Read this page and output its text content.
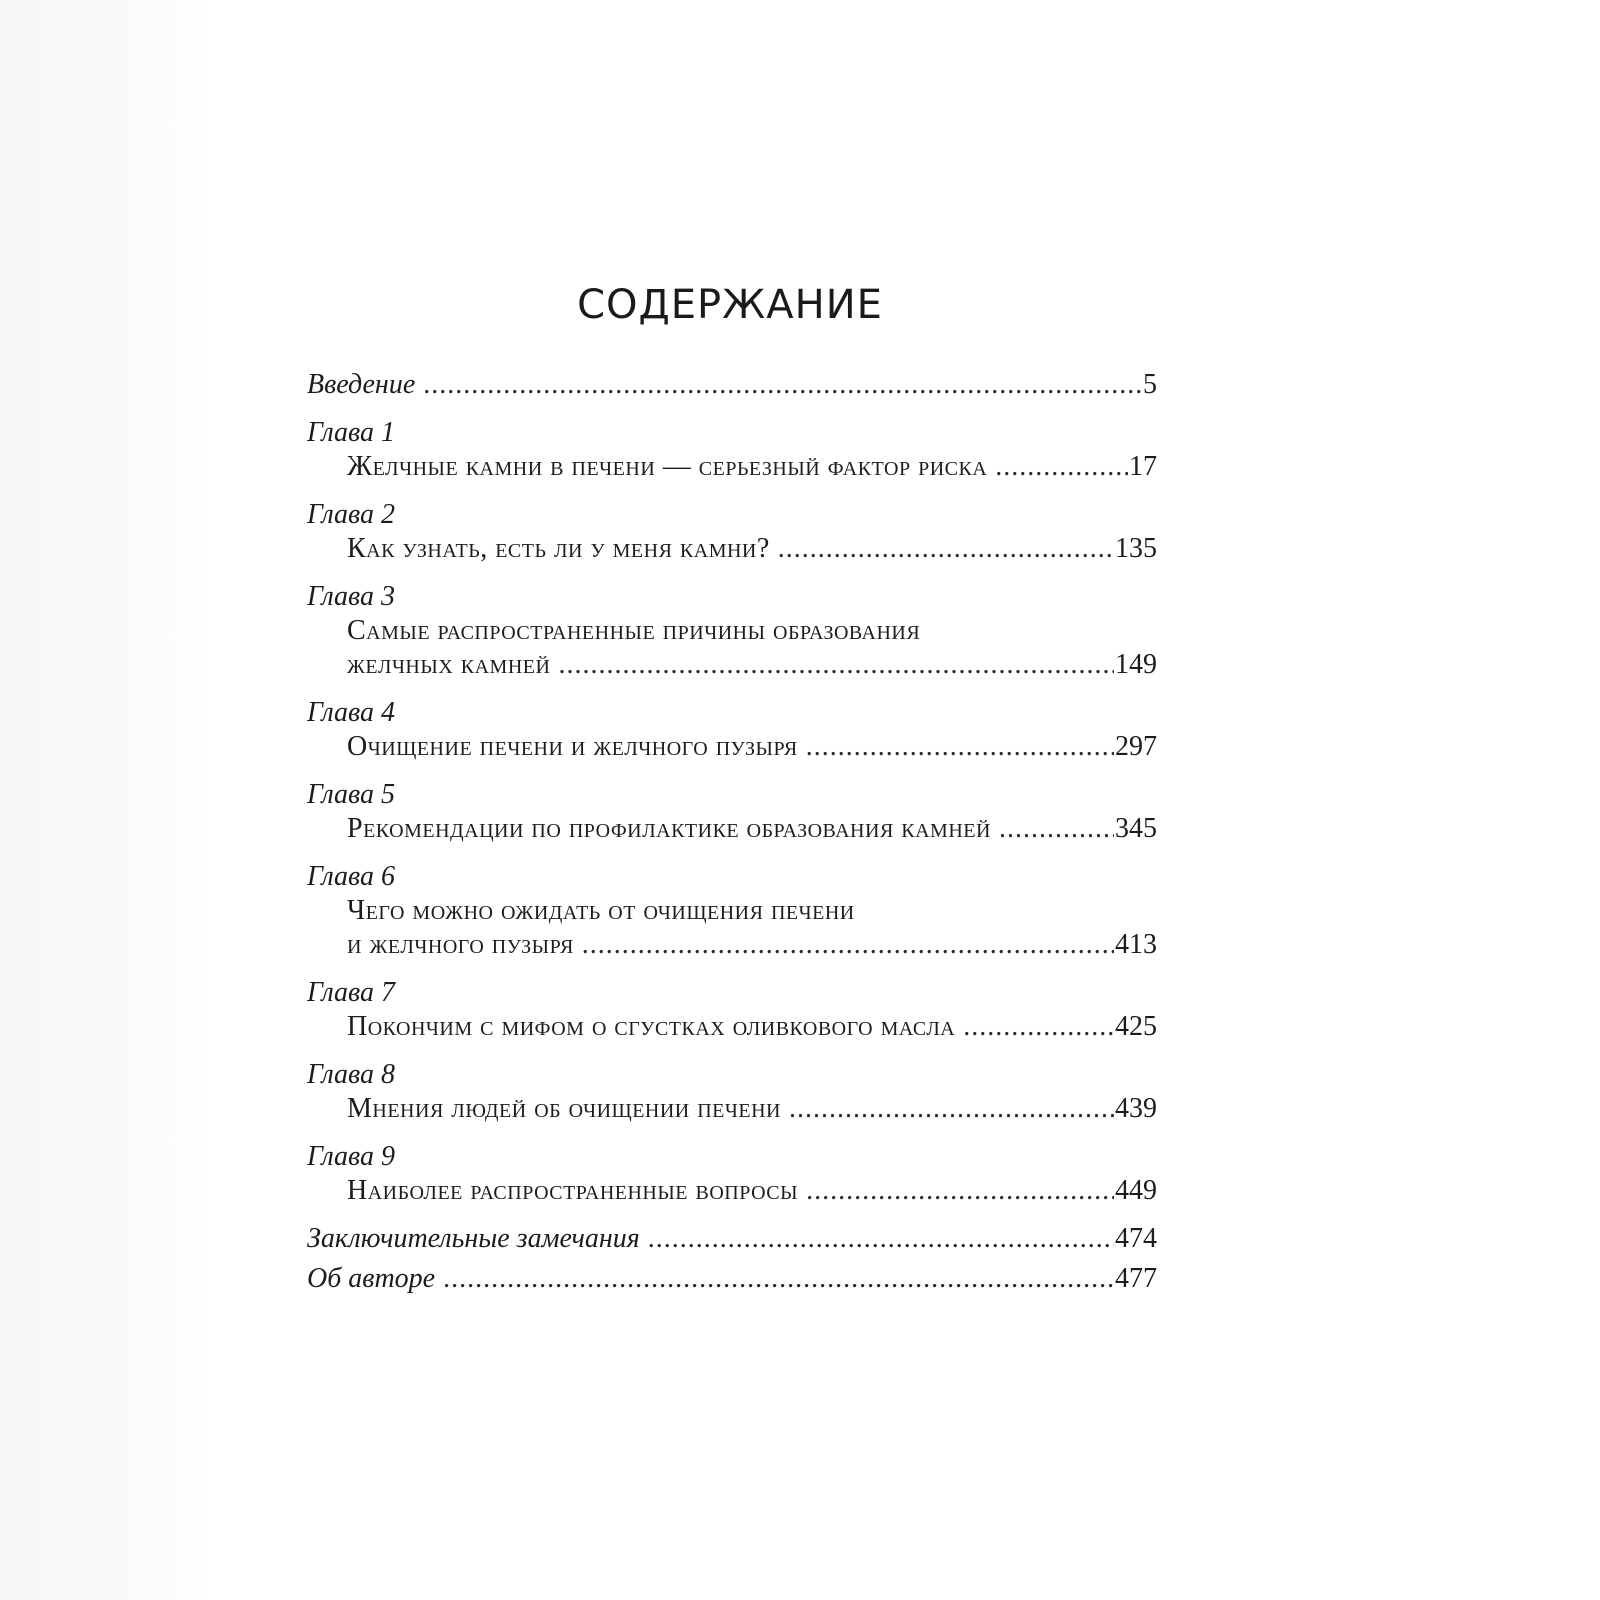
СОДЕРЖАНИЕ
Введение .....	5
Глава 1
Желчные камни в печени — серьезный фактор риска .....	17
Глава 2
Как узнать, есть ли у меня камни? .....	135
Глава 3
Самые распространенные причины образования
желчных камней .....	149
Глава 4
Очищение печени и желчного пузыря .....	297
Глава 5
Рекомендации по профилактике образования камней .....	345
Глава 6
Чего можно ожидать от очищения печени
и желчного пузыря .....	413
Глава 7
Покончим с мифом о сгустках оливкового масла .....	425
Глава 8
Мнения людей об очищении печени .....	439
Глава 9
Наиболее распространенные вопросы .....	449
Заключительные замечания .....	474
Об авторе .....	477
